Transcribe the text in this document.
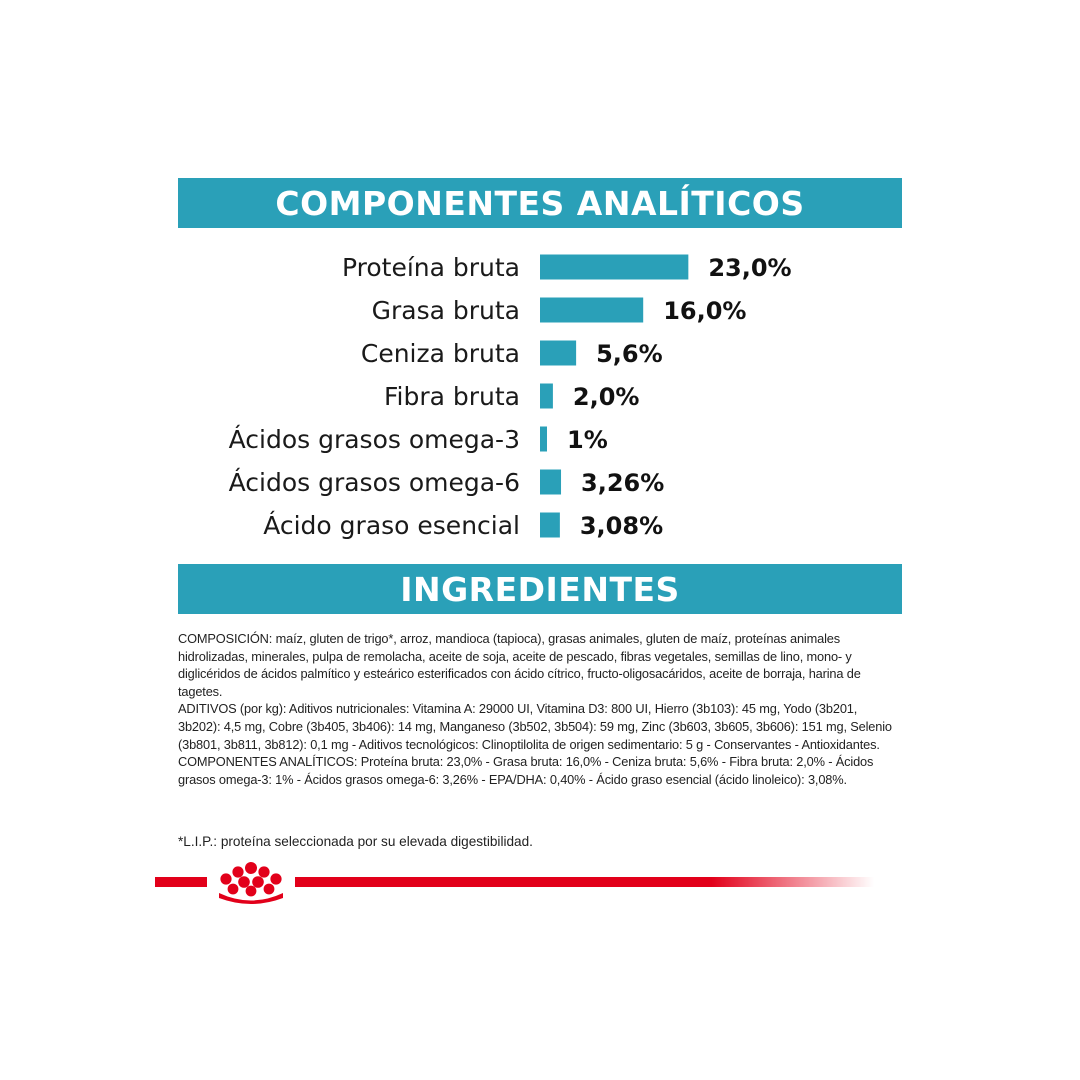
COMPONENTES ANALÍTICOS
Proteína bruta	23,0%
Grasa bruta	16,0%
Ceniza bruta	5,6%
Fibra bruta 2,0%
Ácidos grasos omega-3 1%
Ácidos grasos omega-6	3,26%
Ácido graso esencial 3,08%
INGREDIENTES

COMPOSICIÓN: maíz, gluten de trigo*, arroz, mandioca (tapioca), grasas animales, gluten de maíz, proteínas animales hidrolizadas, minerales, pulpa de remolacha, aceite de soja, aceite de pescado, fibras vegetales, semillas de lino, mono- y diglicéridos de ácidos palmítico y esteárico esterificados con ácido cítrico, fructo-oligosacáridos, aceite de borraja, harina de tagetes.

ADITIVOS (por kg): Aditivos nutricionales: Vitamina A: 29000 UI, Vitamina D3: 800 UI, Hierro (3b103): 45 mg, Yodo (3b201, 3b202): 4,5 mg, Cobre (3b405, 3b406): 14 mg, Manganeso (3b502, 3b504): 59 mg, Zinc (3b603, 3b605, 3b606): 151 mg, Selenio (3b801, 3b811, 3b812): 0,1 mg - Aditivos tecnológicos: Clinoptilolita de origen sedimentario: 5 g - Conservantes - Antioxidantes.

COMPONENTES ANALÍTICOS: Proteína bruta: 23,0% - Grasa bruta: 16,0% - Ceniza bruta: 5,6% - Fibra bruta: 2,0% - Ácidos grasos omega-3: 1% - Ácidos grasos omega-6: 3,26% - EPA/DHA: 0,40% - Ácido graso esencial (ácido linoleico): 3,08%.

*L.I.P.: proteína seleccionada por su elevada digestibilidad.
